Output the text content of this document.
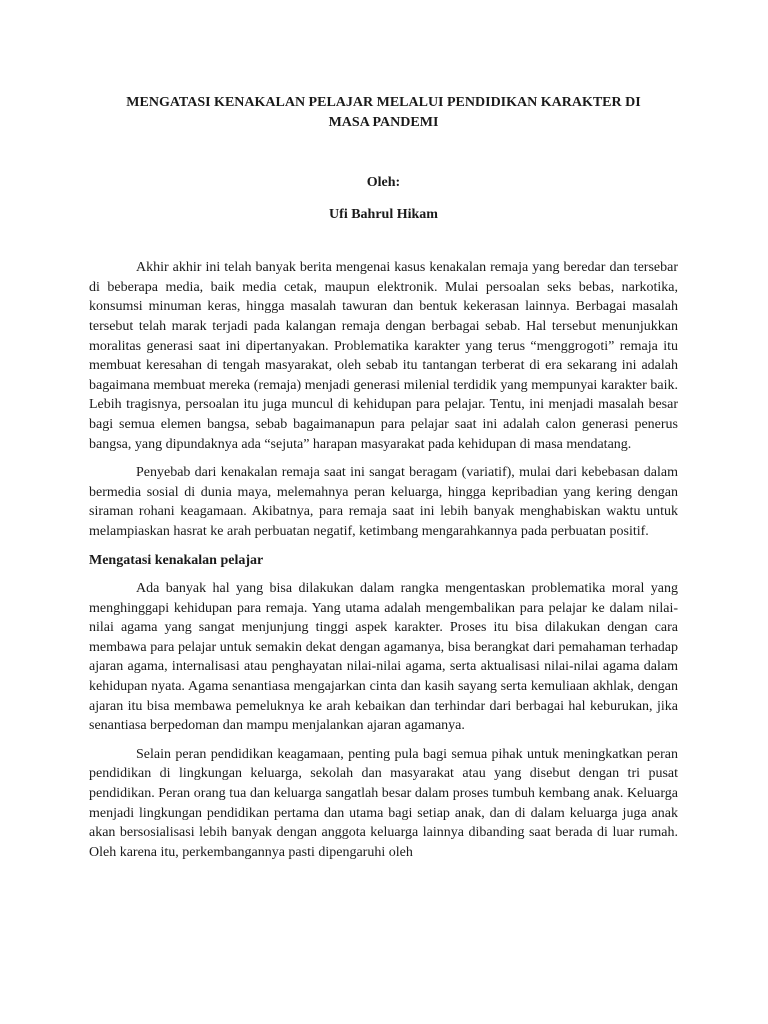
MENGATASI KENAKALAN PELAJAR MELALUI PENDIDIKAN KARAKTER DI MASA PANDEMI

Oleh:

Ufi Bahrul Hikam

Akhir akhir ini telah banyak berita mengenai kasus kenakalan remaja yang beredar dan tersebar di beberapa media, baik media cetak, maupun elektronik. Mulai persoalan seks bebas, narkotika, konsumsi minuman keras, hingga masalah tawuran dan bentuk kekerasan lainnya. Berbagai masalah tersebut telah marak terjadi pada kalangan remaja dengan berbagai sebab. Hal tersebut menunjukkan moralitas generasi saat ini dipertanyakan. Problematika karakter yang terus “menggrogoti” remaja itu membuat keresahan di tengah masyarakat, oleh sebab itu tantangan terberat di era sekarang ini adalah bagaimana membuat mereka (remaja) menjadi generasi milenial terdidik yang mempunyai karakter baik. Lebih tragisnya, persoalan itu juga muncul di kehidupan para pelajar. Tentu, ini menjadi masalah besar bagi semua elemen bangsa, sebab bagaimanapun para pelajar saat ini adalah calon generasi penerus bangsa, yang dipundaknya ada “sejuta” harapan masyarakat pada kehidupan di masa mendatang.

Penyebab dari kenakalan remaja saat ini sangat beragam (variatif), mulai dari kebebasan dalam bermedia sosial di dunia maya, melemahnya peran keluarga, hingga kepribadian yang kering dengan siraman rohani keagamaan. Akibatnya, para remaja saat ini lebih banyak menghabiskan waktu untuk melampiaskan hasrat ke arah perbuatan negatif, ketimbang mengarahkannya pada perbuatan positif.

Mengatasi kenakalan pelajar

Ada banyak hal yang bisa dilakukan dalam rangka mengentaskan problematika moral yang menghinggapi kehidupan para remaja. Yang utama adalah mengembalikan para pelajar ke dalam nilai-nilai agama yang sangat menjunjung tinggi aspek karakter. Proses itu bisa dilakukan dengan cara membawa para pelajar untuk semakin dekat dengan agamanya, bisa berangkat dari pemahaman terhadap ajaran agama, internalisasi atau penghayatan nilai-nilai agama, serta aktualisasi nilai-nilai agama dalam kehidupan nyata. Agama senantiasa mengajarkan cinta dan kasih sayang serta kemuliaan akhlak, dengan ajaran itu bisa membawa pemeluknya ke arah kebaikan dan terhindar dari berbagai hal keburukan, jika senantiasa berpedoman dan mampu menjalankan ajaran agamanya.

Selain peran pendidikan keagamaan, penting pula bagi semua pihak untuk meningkatkan peran pendidikan di lingkungan keluarga, sekolah dan masyarakat atau yang disebut dengan tri pusat pendidikan. Peran orang tua dan keluarga sangatlah besar dalam proses tumbuh kembang anak. Keluarga menjadi lingkungan pendidikan pertama dan utama bagi setiap anak, dan di dalam keluarga juga anak akan bersosialisasi lebih banyak dengan anggota keluarga lainnya dibanding saat berada di luar rumah. Oleh karena itu, perkembangannya pasti dipengaruhi oleh
